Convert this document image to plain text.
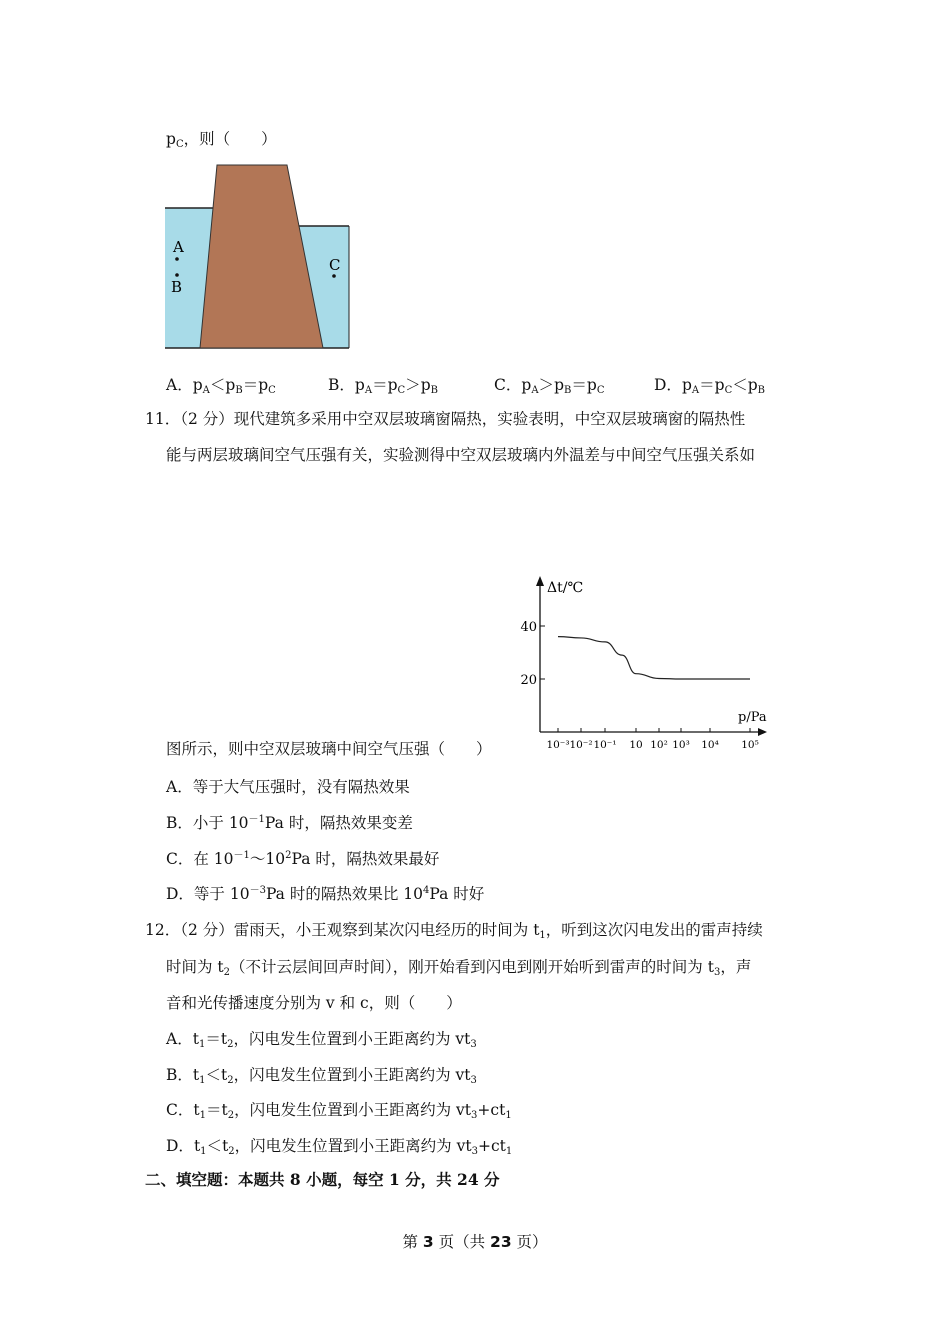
$p_C$，则（　　）
A
B
C
A．$p_A<p_B=p_C$	B．$p_A=p_C>p_B$	C．$p_A>p_B=p_C$	D．$p_A=p_C<p_B$
11．（2 分）现代建筑多采用中空双层玻璃窗隔热，实验表明，中空双层玻璃窗的隔热性
能与两层玻璃间空气压强有关，实验测得中空双层玻璃内外温差与中间空气压强关系如
Δt/℃
p/Pa
20
40
10⁻³ 10⁻² 10⁻¹ 10 10² 10³ 10⁴ 10⁵
图所示，则中空双层玻璃中间空气压强（　　）
A．等于大气压强时，没有隔热效果
B．小于 $10^{-1}Pa$ 时，隔热效果变差
C．在 $10^{-1}\sim 10^2Pa$ 时，隔热效果最好
D．等于 $10^{-3}Pa$ 时的隔热效果比 $10^4Pa$ 时好
12．（2 分）雷雨天，小王观察到某次闪电经历的时间为 $t_1$，听到这次闪电发出的雷声持续
时间为 $t_2$（不计云层间回声时间），刚开始看到闪电到刚开始听到雷声的时间为 $t_3$，声
音和光传播速度分别为 v 和 c，则（　　）
A．$t_1=t_2$，闪电发生位置到小王距离约为 $vt_3$
B．$t_1<t_2$，闪电发生位置到小王距离约为 $vt_3$
C．$t_1=t_2$，闪电发生位置到小王距离约为 $vt_3+ct_1$
D．$t_1<t_2$，闪电发生位置到小王距离约为 $vt_3+ct_1$
二、填空题：本题共 8 小题，每空 1 分，共 24 分
第 3 页（共 23 页）
